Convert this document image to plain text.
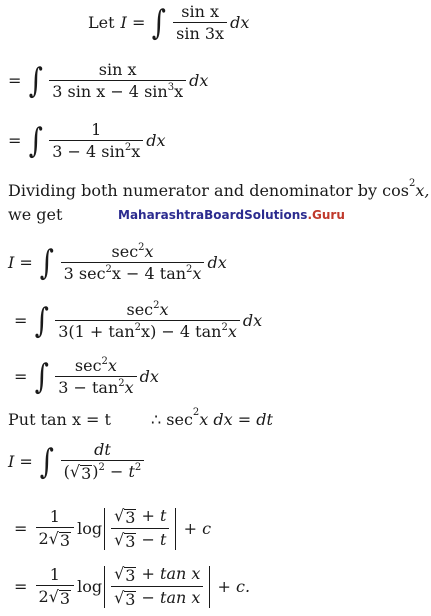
Let I = ∫ $\frac{\text{sin x}}{\sin 3x}$ dx
= ∫ $\frac{\text{sin x}}{3 \sin x - 4 \sin^3x}$ dx
= ∫ $\frac{1}{3 - 4 \sin^2x}$ dx
Dividing both numerator and denominator by cos 2 x,
we get	MaharashtraBoardSolutions .Guru
I = ∫ $\frac{\sec^2x}{3 \sec^2x - 4 \tan^2x}$ dx
= ∫ $\frac{\sec^2x}{3(1 + \tan^2x) - 4 \tan^2x}$ dx
= ∫ $\frac{\sec^2x}{3 - \tan^2x}$ dx
Put tan x = t	∴
sec 2 x dx = dt
I = ∫ $\frac{dt}{( √ 3 )^2 - t^2}$
= $\frac{1}{2 √ 3}$ $\log \frac{√ 3 + t}{√ 3 - t}$
+ c
= $\frac{1}{2 √ 3}$ $\log \frac{\text{√ 3 + tan x}}{\text{√ 3 − tan x}}$
+ c.
